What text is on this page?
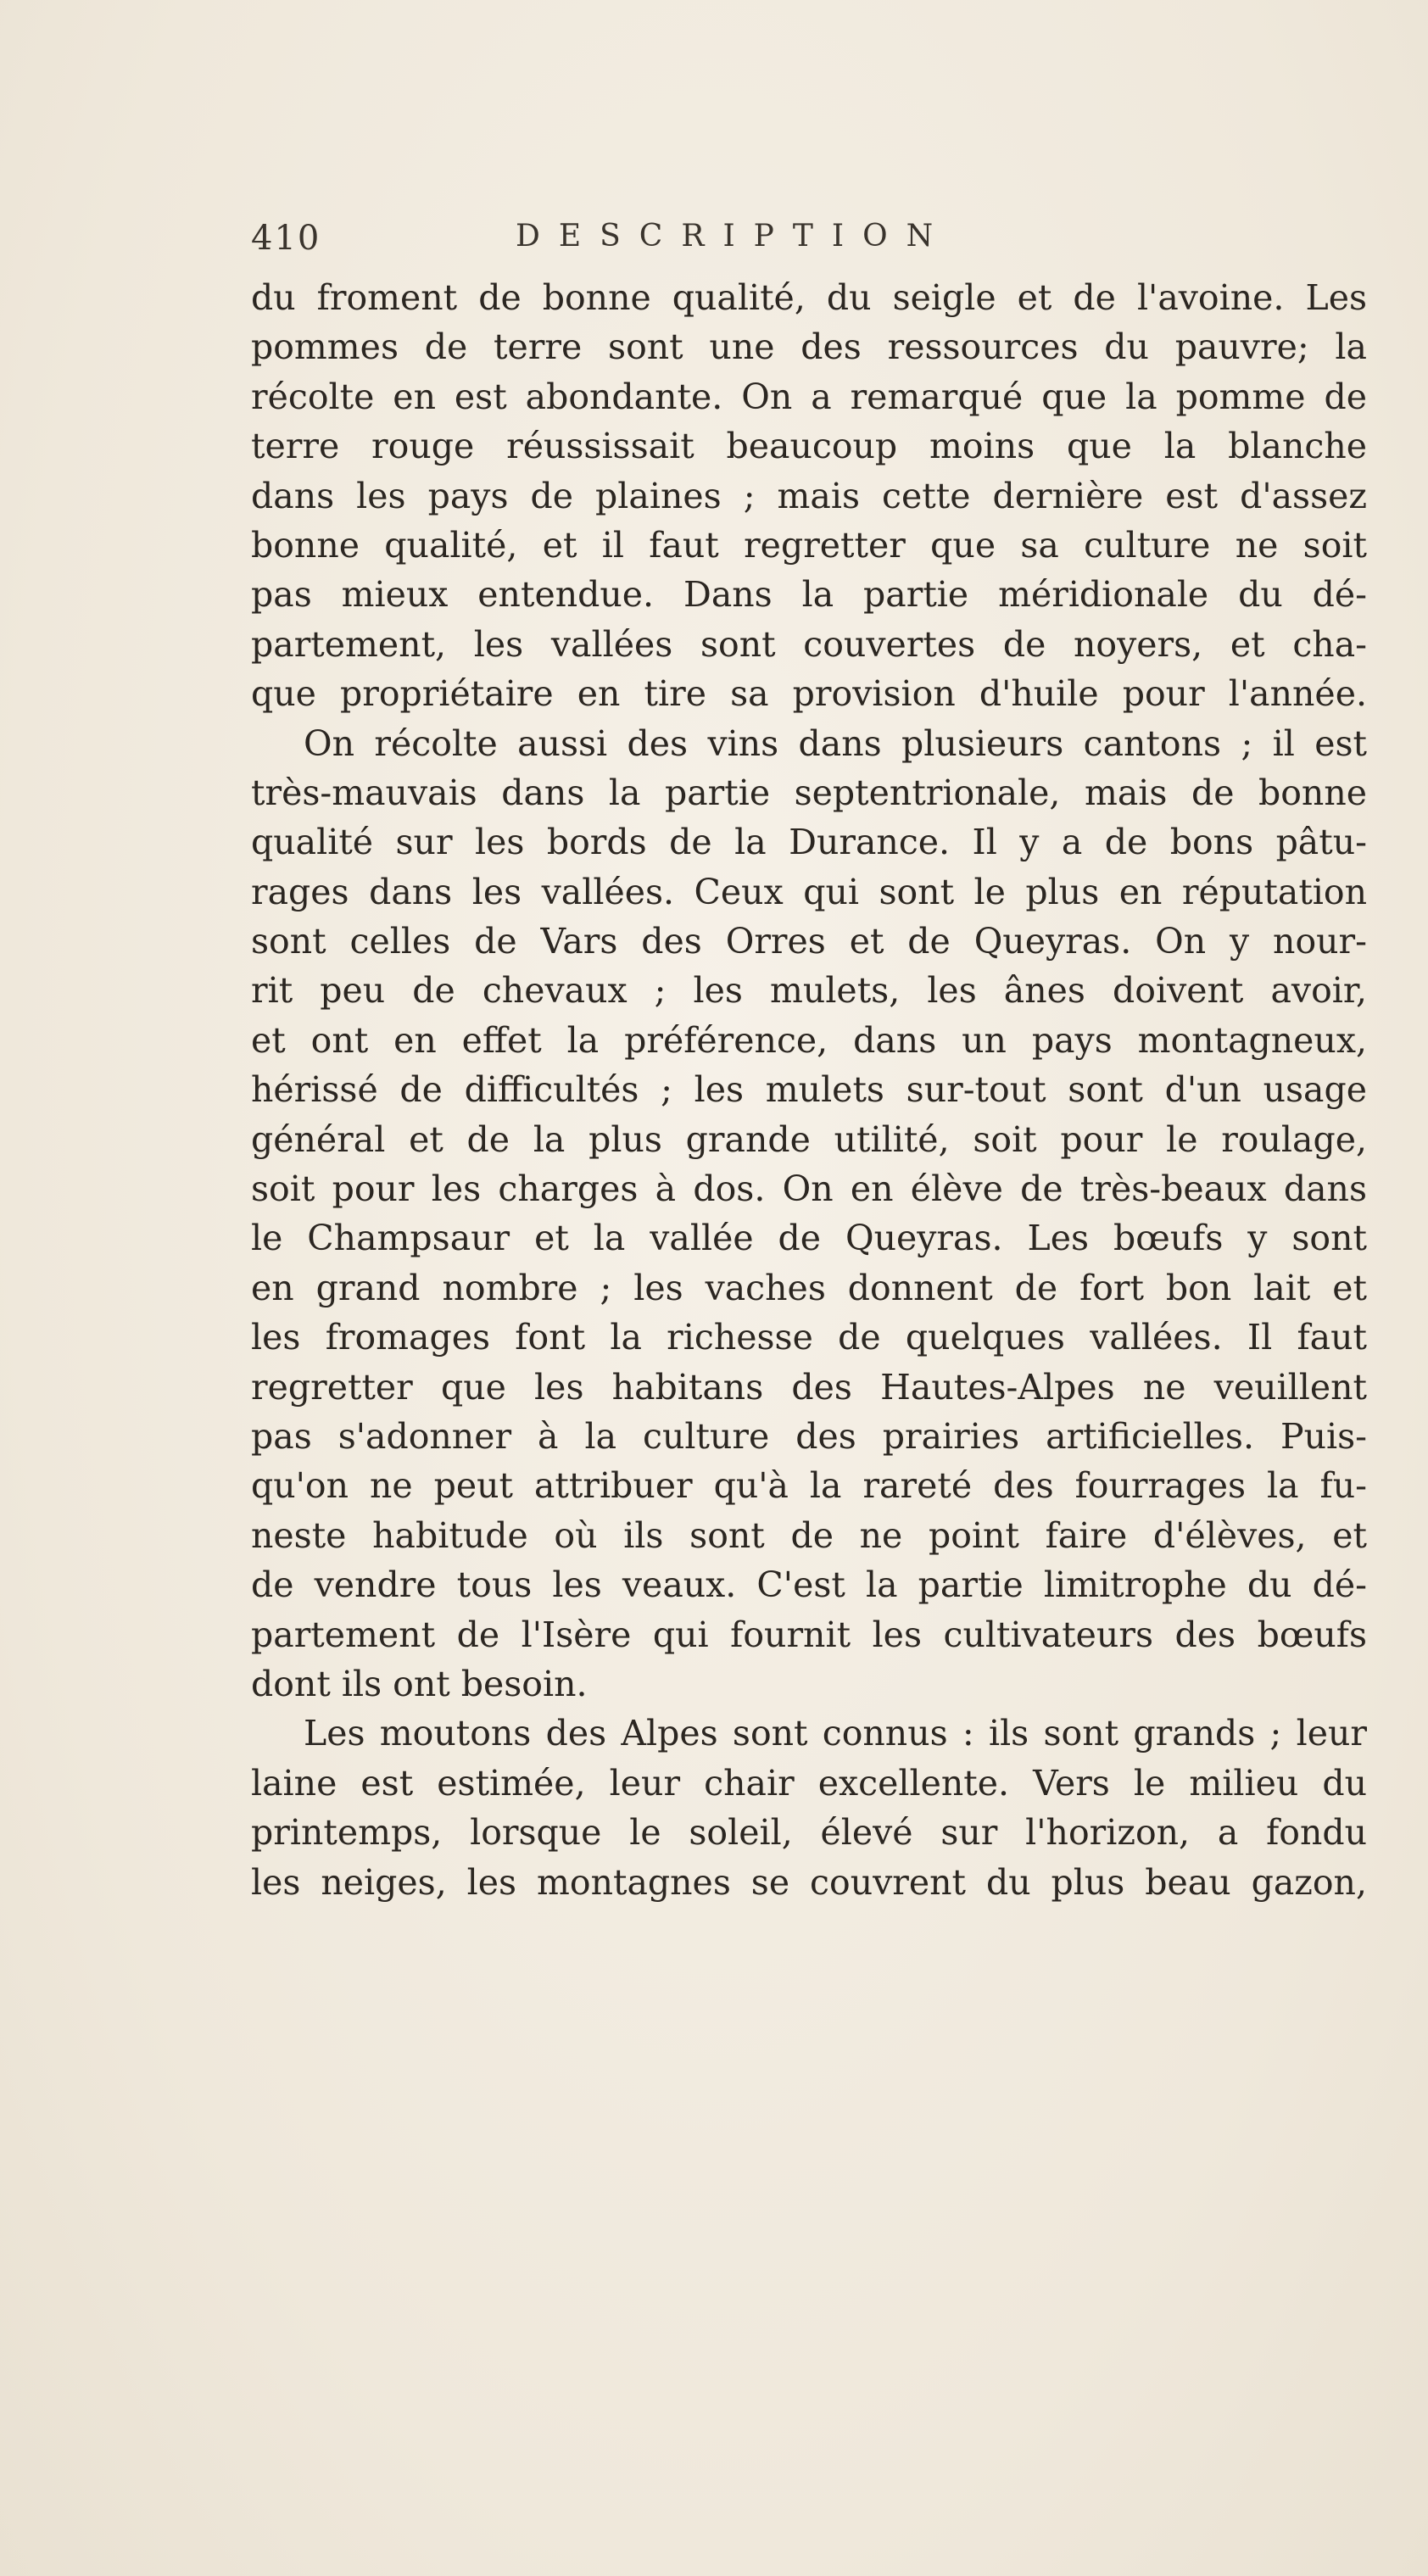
410	DESCRIPTION
du froment de bonne qualité, du seigle et de l'avoine. Les
pommes de terre sont une des ressources du pauvre; la
récolte en est abondante. On a remarqué que la pomme de
terre rouge réussissait beaucoup moins que la blanche
dans les pays de plaines ; mais cette dernière est d'assez
bonne qualité, et il faut regretter que sa culture ne soit
pas mieux entendue. Dans la partie méridionale du dé-
partement, les vallées sont couvertes de noyers, et cha-
que propriétaire en tire sa provision d'huile pour l'année.
On récolte aussi des vins dans plusieurs cantons ; il est
très-mauvais dans la partie septentrionale, mais de bonne
qualité sur les bords de la Durance. Il y a de bons pâtu-
rages dans les vallées. Ceux qui sont le plus en réputation
sont celles de Vars des Orres et de Queyras. On y nour-
rit peu de chevaux ; les mulets, les ânes doivent avoir,
et ont en effet la préférence, dans un pays montagneux,
hérissé de difficultés ; les mulets sur-tout sont d'un usage
général et de la plus grande utilité, soit pour le roulage,
soit pour les charges à dos. On en élève de très-beaux dans
le Champsaur et la vallée de Queyras. Les bœufs y sont
en grand nombre ; les vaches donnent de fort bon lait et
les fromages font la richesse de quelques vallées. Il faut
regretter que les habitans des Hautes-Alpes ne veuillent
pas s'adonner à la culture des prairies artificielles. Puis-
qu'on ne peut attribuer qu'à la rareté des fourrages la fu-
neste habitude où ils sont de ne point faire d'élèves, et
de vendre tous les veaux. C'est la partie limitrophe du dé-
partement de l'Isère qui fournit les cultivateurs des bœufs
dont ils ont besoin.
Les moutons des Alpes sont connus : ils sont grands ; leur
laine est estimée, leur chair excellente. Vers le milieu du
printemps, lorsque le soleil, élevé sur l'horizon, a fondu
les neiges, les montagnes se couvrent du plus beau gazon,
